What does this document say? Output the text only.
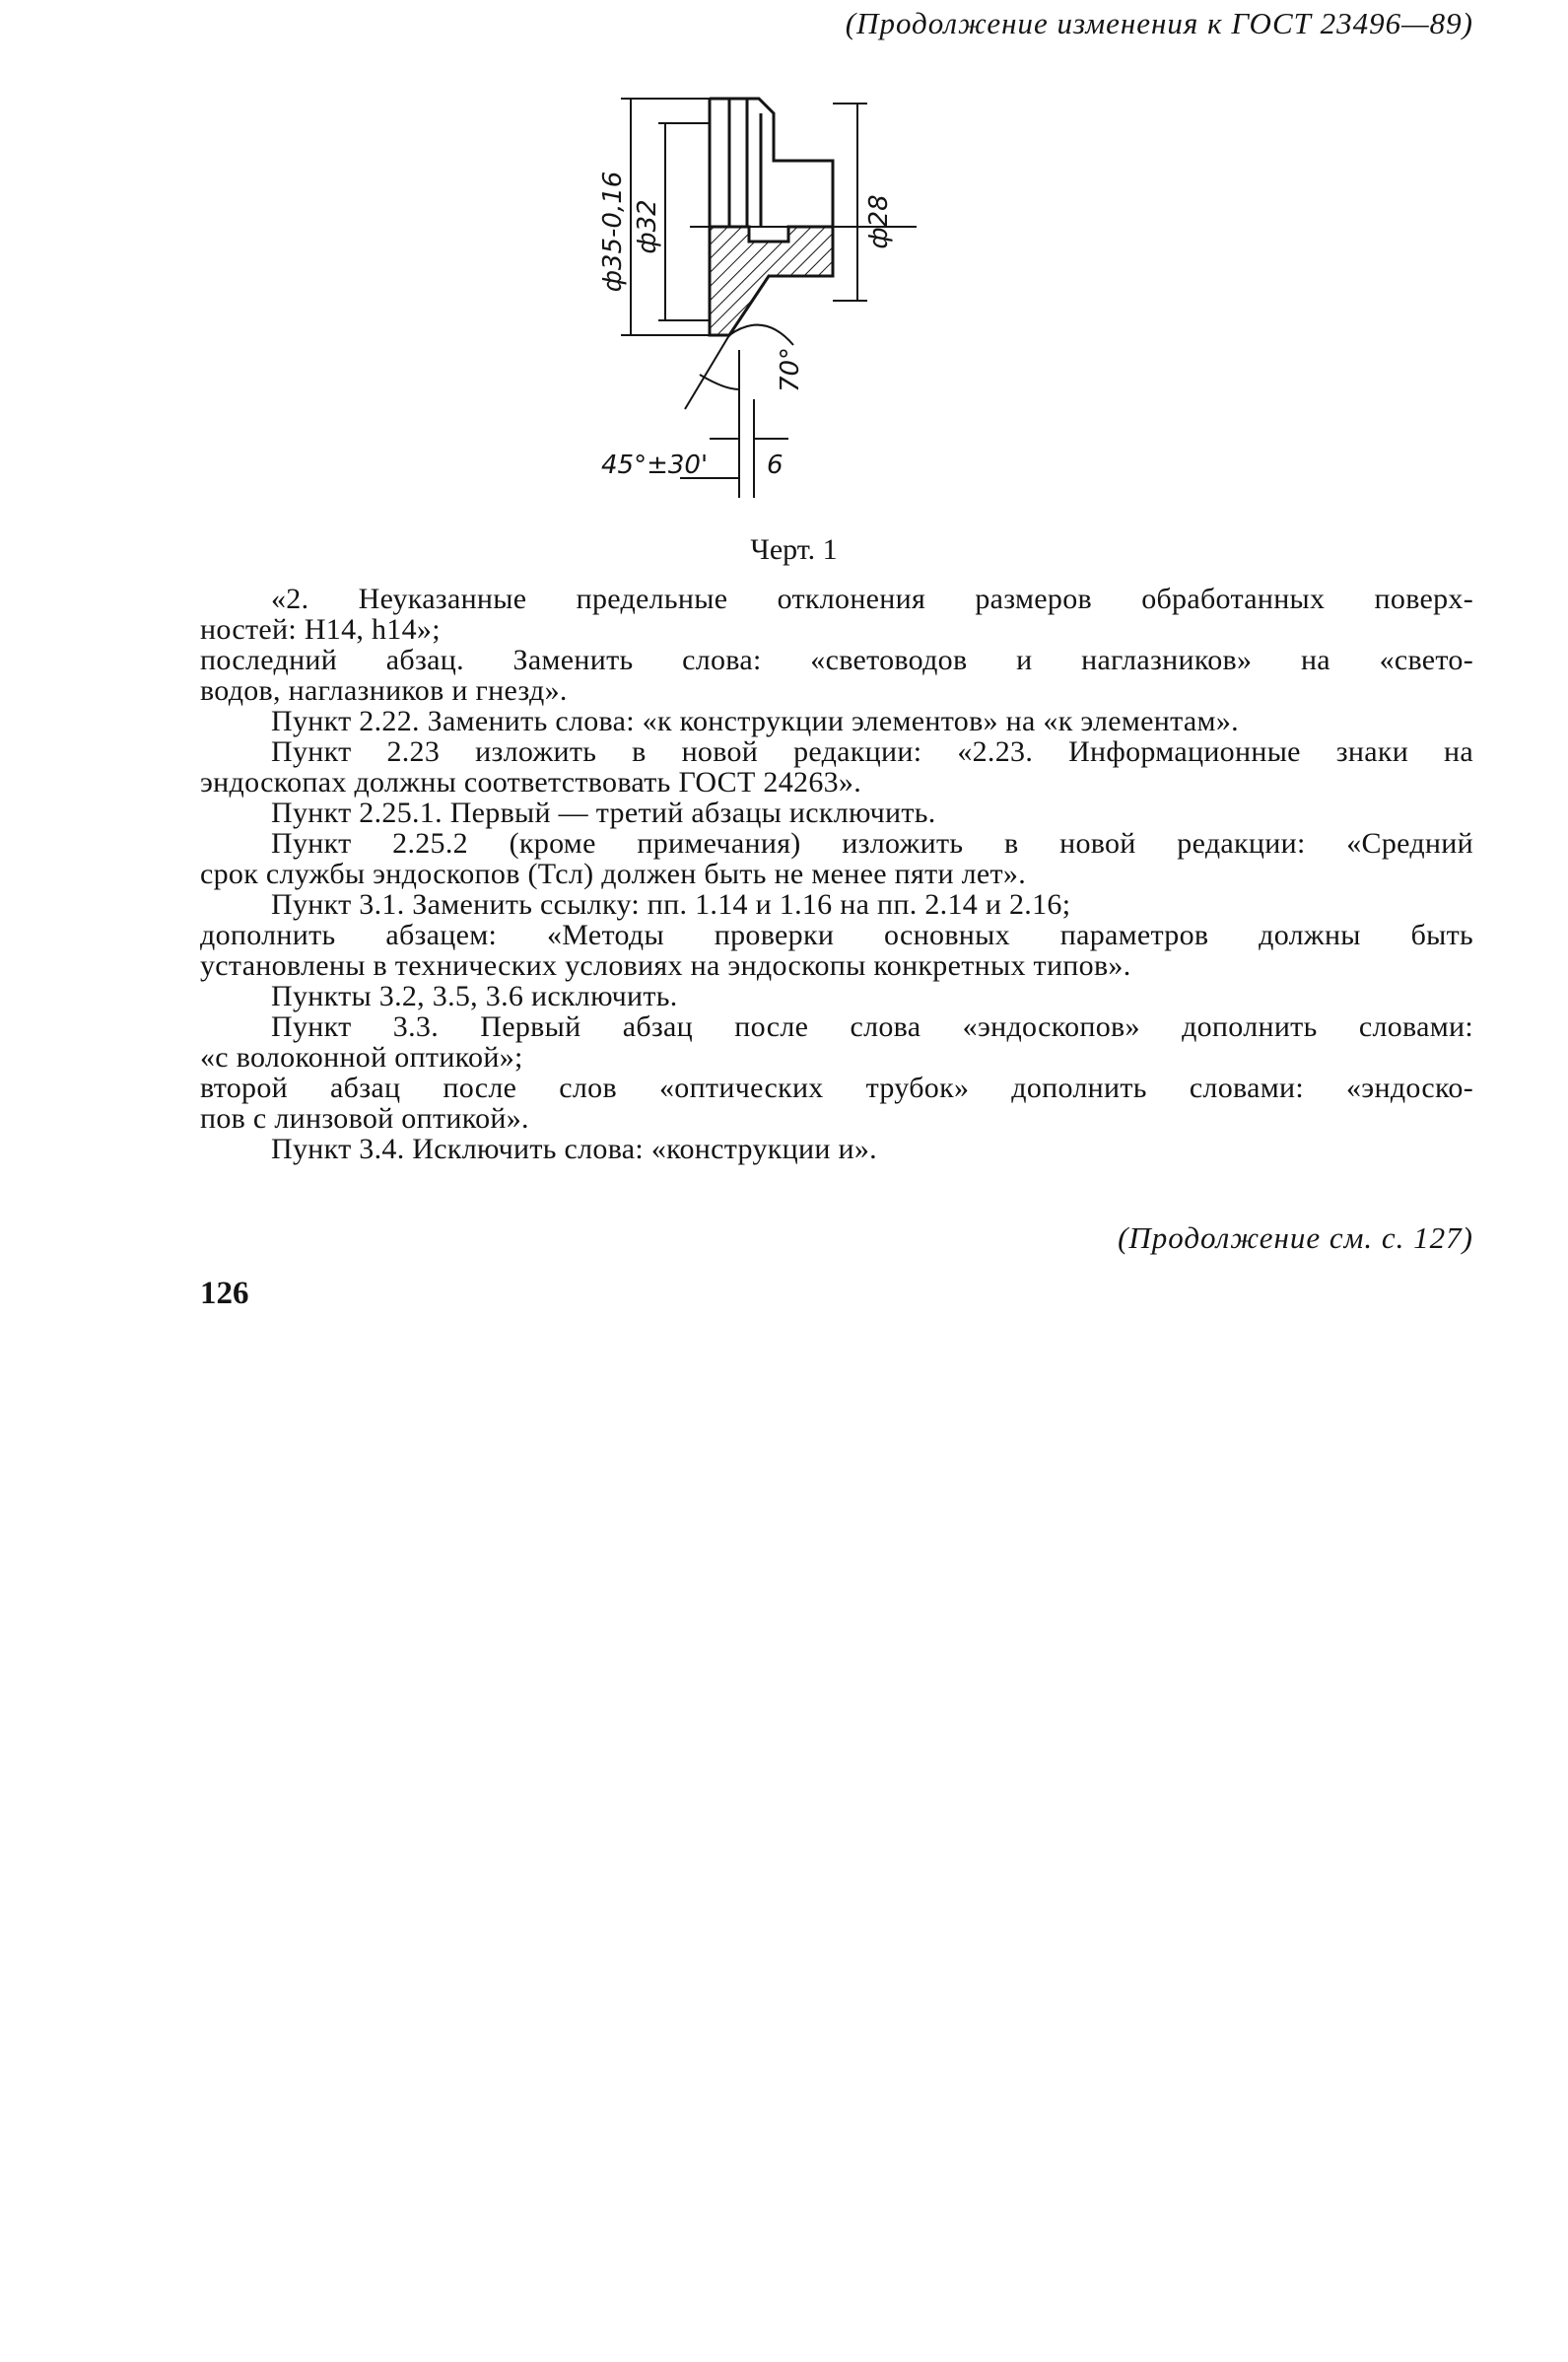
(Продолжение изменения к ГОСТ 23496—89)
ф35-0,16 ф32	ф28
70°
45°±30' 6
Черт. 1

«2. Неуказанные предельные отклонения размеров обработанных поверх-

ностей: Н14, h14»;

последний абзац. Заменить слова: «световодов и наглазников» на «свето-

водов, наглазников и гнезд».

Пункт 2.22. Заменить слова: «к конструкции элементов» на «к элементам».

Пункт 2.23 изложить в новой редакции: «2.23. Информационные знаки на

эндоскопах должны соответствовать ГОСТ 24263».

Пункт 2.25.1. Первый — третий абзацы исключить.

Пункт 2.25.2 (кроме примечания) изложить в новой редакции: «Средний

срок службы эндоскопов (Тсл) должен быть не менее пяти лет».

Пункт 3.1. Заменить ссылку: пп. 1.14 и 1.16 на пп. 2.14 и 2.16;

дополнить абзацем: «Методы проверки основных параметров должны быть

установлены в технических условиях на эндоскопы конкретных типов».

Пункты 3.2, 3.5, 3.6 исключить.

Пункт 3.3. Первый абзац после слова «эндоскопов» дополнить словами:

«с волоконной оптикой»;

второй абзац после слов «оптических трубок» дополнить словами: «эндоско-

пов с линзовой оптикой».

Пункт 3.4. Исключить слова: «конструкции и».

(Продолжение см. с. 127)
126
